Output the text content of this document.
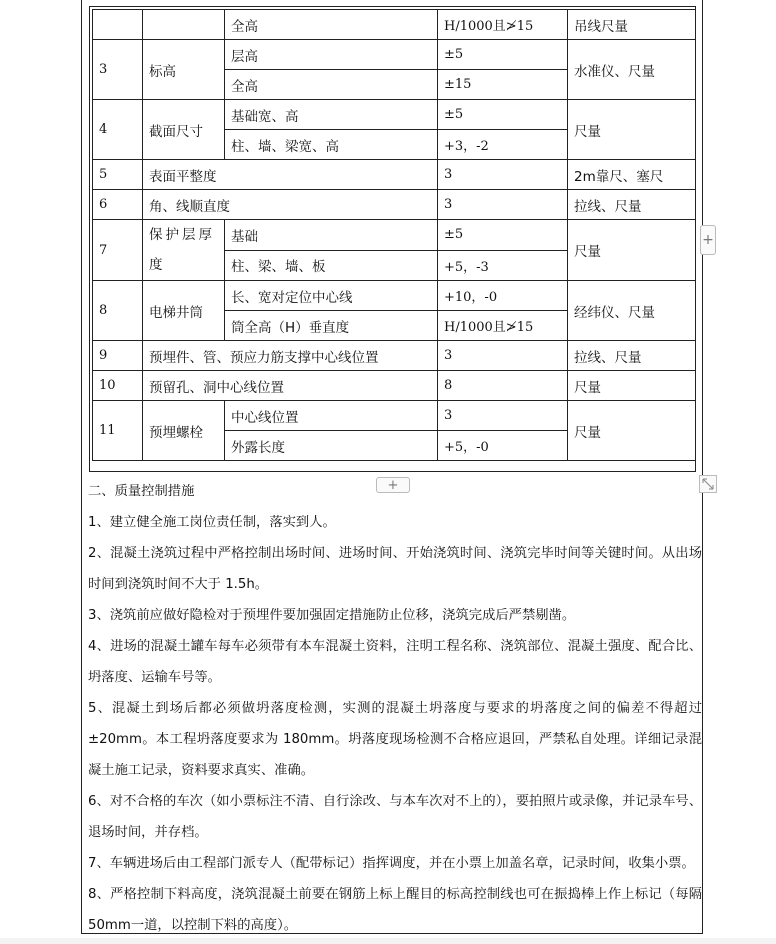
		全高	H/1000且≯15	吊线尺量
3	标高	层高	±5	水准仪、尺量
		全高	±15	
4	截面尺寸	基础宽、高	±5	尺量
		柱、墙、梁宽、高	+3，-2	
5	表面平整度		3	2m靠尺、塞尺
6	角、线顺直度		3	拉线、尺量
7	保护层厚度	基础	±5	尺量
		柱、梁、墙、板	+5，-3	
8	电梯井筒	长、宽对定位中心线	+10，-0	经纬仪、尺量
		筒全高（H）垂直度	H/1000且≯15	
9	预埋件、管、预应力筋支撑中心线位置		3	拉线、尺量
10	预留孔、洞中心线位置		8	尺量
11	预埋螺栓	中心线位置	3	尺量
		外露长度	+5，-0	
+
+

二、质量控制措施

1、建立健全施工岗位责任制，落实到人。

2、混凝土浇筑过程中严格控制出场时间、进场时间、开始浇筑时间、浇筑完毕时间等关键时间。从出场时间到浇筑时间不大于 1.5h。

3、浇筑前应做好隐检对于预埋件要加强固定措施防止位移，浇筑完成后严禁剔凿。

4、进场的混凝土罐车每车必须带有本车混凝土资料，注明工程名称、浇筑部位、混凝土强度、配合比、坍落度、运输车号等。

5、混凝土到场后都必须做坍落度检测，实测的混凝土坍落度与要求的坍落度之间的偏差不得超过±20mm。本工程坍落度要求为 180mm。坍落度现场检测不合格应退回，严禁私自处理。详细记录混凝土施工记录，资料要求真实、准确。

6、对不合格的车次（如小票标注不清、自行涂改、与本车次对不上的），要拍照片或录像，并记录车号、退场时间，并存档。

7、车辆进场后由工程部门派专人（配带标记）指挥调度，并在小票上加盖名章，记录时间，收集小票。

8、严格控制下料高度，浇筑混凝土前要在钢筋上标上醒目的标高控制线也可在振捣棒上作上标记（每隔 50mm一道，以控制下料的高度）。
